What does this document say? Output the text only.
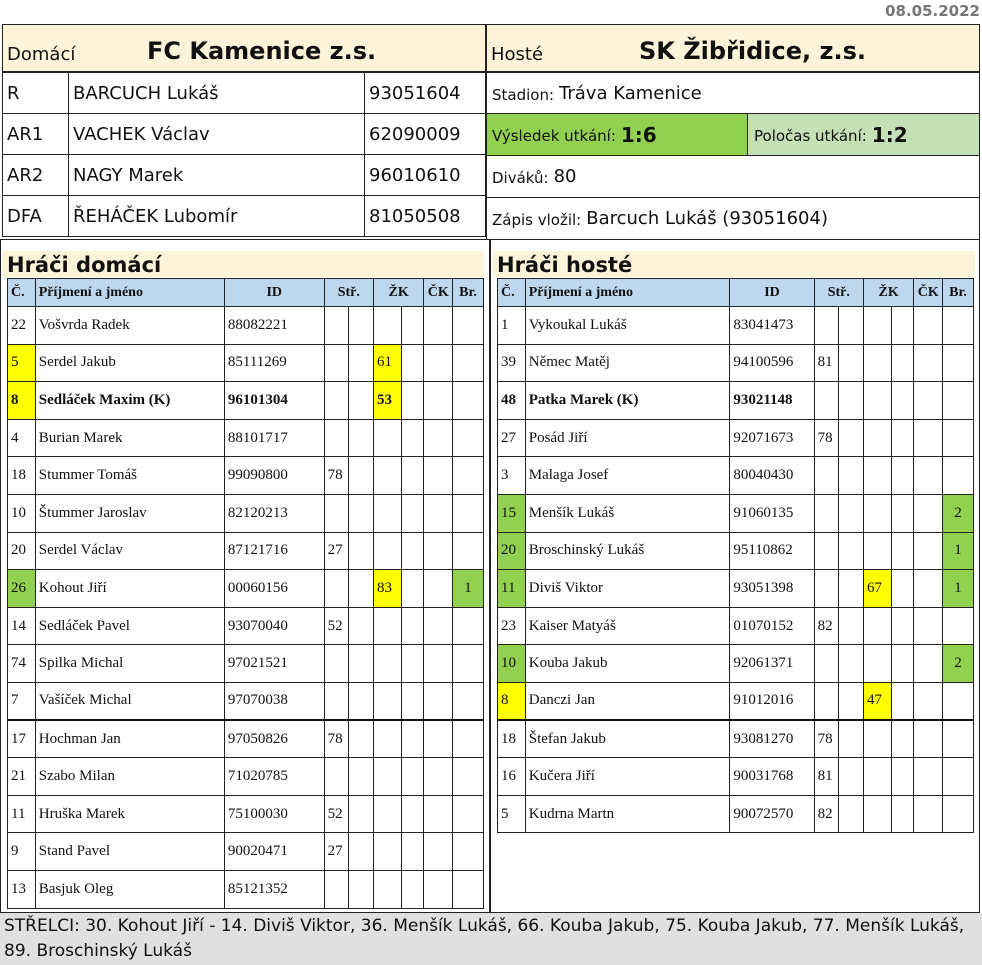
08.05.2022
Domácí	FC Kamenice z.s.	Hosté	SK Žibřidice, z.s.
R	BARCUCH Lukáš	93051604
AR1	VACHEK Václav	62090009
AR2	NAGY Marek	96010610
DFA	ŘEHÁČEK Lubomír	81050508
Stadion: Tráva Kamenice
Výsledek utkání: 1:6	Poločas utkání: 1:2
Diváků: 80
Zápis vložil: Barcuch Lukáš (93051604)
Hráči domácí	Hráči hosté
Č.	Příjmení a jméno	ID	Stř.		ŽK		ČK	Br.
22	Vošvrda Radek	88082221						
5	Serdel Jakub	85111269			61			
8	Sedláček Maxim (K)	96101304			53			
4	Burian Marek	88101717						
18	Stummer Tomáš	99090800	78					
10	Štummer Jaroslav	82120213						
20	Serdel Václav	87121716	27					
26	Kohout Jiří	00060156			83			1
14	Sedláček Pavel	93070040	52					
74	Spilka Michal	97021521						
7	Vašíček Michal	97070038						
17	Hochman Jan	97050826	78					
21	Szabo Milan	71020785						
11	Hruška Marek	75100030	52					
9	Stand Pavel	90020471	27					
13	Basjuk Oleg	85121352						
Č.	Příjmení a jméno	ID	Stř.		ŽK		ČK	Br.
1	Vykoukal Lukáš	83041473						
39	Němec Matěj	94100596	81					
48	Patka Marek (K)	93021148						
27	Posád Jiří	92071673	78					
3	Malaga Josef	80040430						
15	Menšík Lukáš	91060135						2
20	Broschinský Lukáš	95110862						1
11	Diviš Viktor	93051398			67			1
23	Kaiser Matyáš	01070152	82					
10	Kouba Jakub	92061371						2
8	Danczi Jan	91012016			47			
18	Štefan Jakub	93081270	78					
16	Kučera Jiří	90031768	81					
5	Kudrna Martn	90072570	82					
STŘELCI: 30. Kohout Jiří - 14. Diviš Viktor, 36. Menšík Lukáš, 66. Kouba Jakub, 75. Kouba Jakub, 77. Menšík Lukáš, 89. Broschinský Lukáš
